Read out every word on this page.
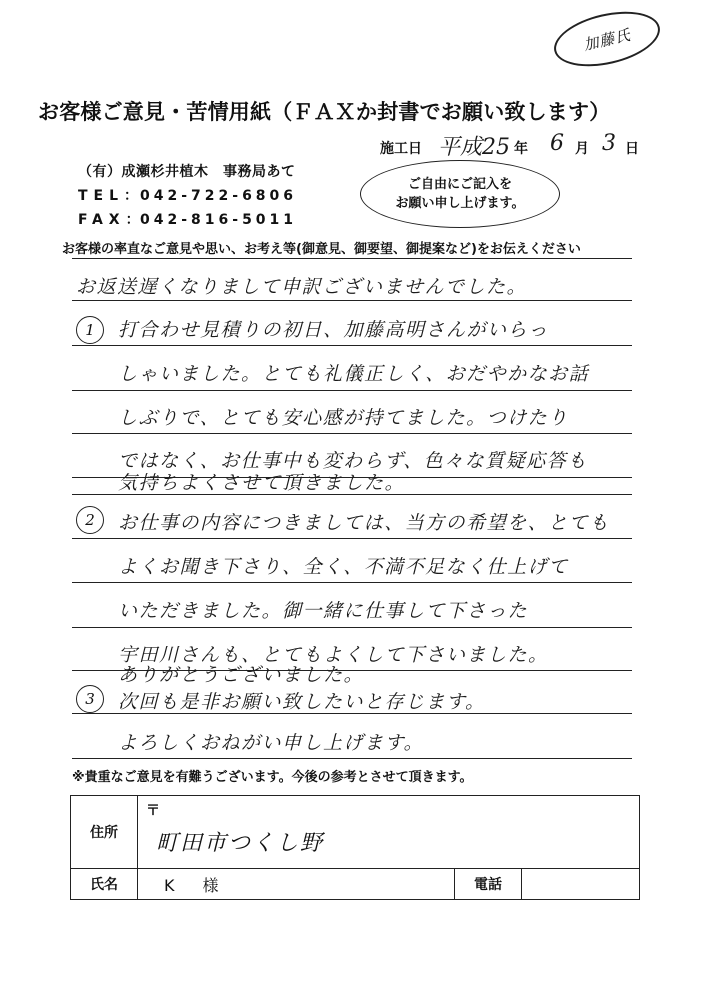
加藤氏
お客様ご意見・苦情用紙（ＦＡＸか封書でお願い致します）
施工日 平成25 年 6 月 3 日
（有）成瀬杉井植木　事務局あて
TEL：
042-722-6806
FAX：
042-816-5011
ご自由にご記入を
お願い申し上げます。
お客様の率直なご意見や思い、お考え等(御意見、御要望、御提案など)をお伝えください
1
2
3
お返送遅くなりまして申訳ございませんでした。
打合わせ見積りの初日、加藤高明さんがいらっ
しゃいました。とても礼儀正しく、おだやかなお話
しぶりで、とても安心感が持てました。つけたり
ではなく、お仕事中も変わらず、色々な質疑応答も
気持ちよくさせて頂きました。
お仕事の内容につきましては、当方の希望を、とても
よくお聞き下さり、全く、不満不足なく仕上げて
いただきました。御一緒に仕事して下さった
宇田川さんも、とてもよくして下さいました。
ありがとうございました。
次回も是非お願い致したいと存じます。
よろしくおねがい申し上げます。
※貴重なご意見を有難うございます。今後の参考とさせて頂きます。
住所	〒
町田市つくし野		

氏名	K　様	電話	
